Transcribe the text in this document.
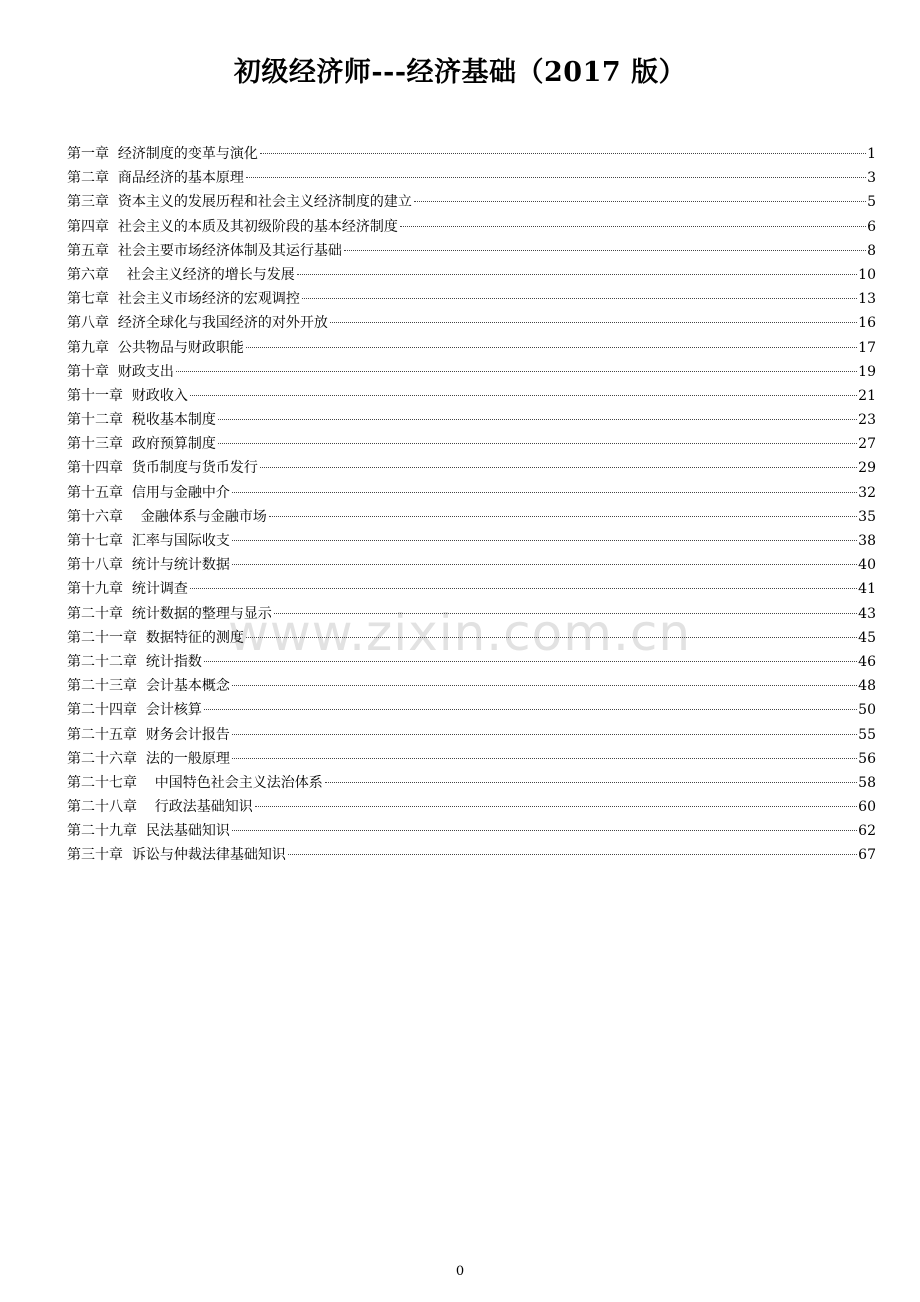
初级经济师---经济基础（2017 版）
www.zixin.com.cn
第一章  经济制度的变革与演化	1
第二章  商品经济的基本原理	3
第三章  资本主义的发展历程和社会主义经济制度的建立	5
第四章  社会主义的本质及其初级阶段的基本经济制度	6
第五章  社会主要市场经济体制及其运行基础	8
第六章    社会主义经济的增长与发展	10
第七章  社会主义市场经济的宏观调控	13
第八章  经济全球化与我国经济的对外开放	16
第九章  公共物品与财政职能	17
第十章  财政支出	19
第十一章  财政收入	21
第十二章  税收基本制度	23
第十三章  政府预算制度	27
第十四章  货币制度与货币发行	29
第十五章  信用与金融中介	32
第十六章    金融体系与金融市场	35
第十七章  汇率与国际收支	38
第十八章  统计与统计数据	40
第十九章  统计调查	41
第二十章  统计数据的整理与显示	43
第二十一章  数据特征的测度	45
第二十二章  统计指数	46
第二十三章  会计基本概念	48
第二十四章  会计核算	50
第二十五章  财务会计报告	55
第二十六章  法的一般原理	56
第二十七章    中国特色社会主义法治体系	58
第二十八章    行政法基础知识	60
第二十九章  民法基础知识	62
第三十章  诉讼与仲裁法律基础知识	67
0
